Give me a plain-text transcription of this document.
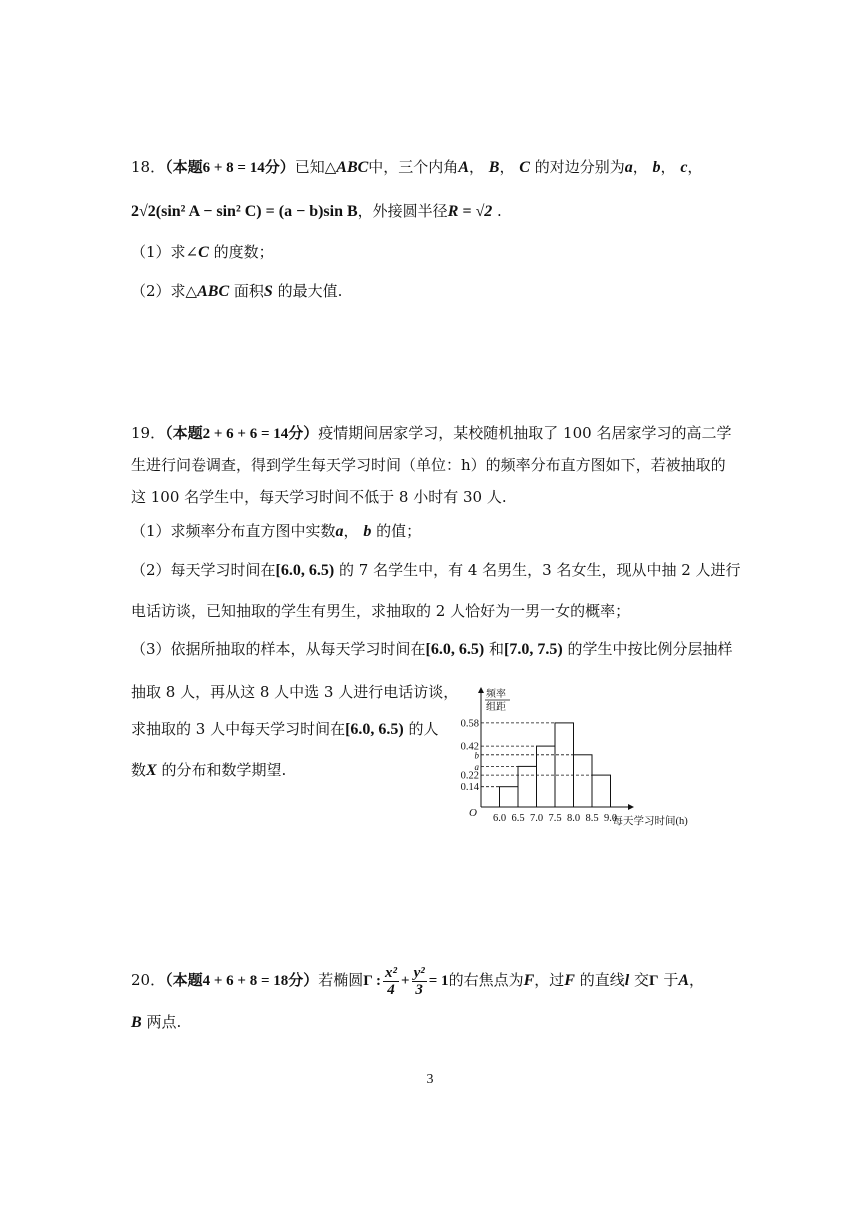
18．（本题6 + 8 = 14分）已知△ABC中，三个内角A， B， C 的对边分别为a， b， c，
2√2(sin² A − sin² C) = (a − b)sin B，外接圆半径R = √2 .
（1）求∠C 的度数；
（2）求△ABC 面积S 的最大值.
19．（本题2 + 6 + 6 = 14分）疫情期间居家学习，某校随机抽取了 100 名居家学习的高二学
生进行问卷调查，得到学生每天学习时间（单位：h）的频率分布直方图如下，若被抽取的
这 100 名学生中，每天学习时间不低于 8 小时有 30 人.
（1）求频率分布直方图中实数a， b 的值；
（2）每天学习时间在[6.0, 6.5) 的 7 名学生中，有 4 名男生，3 名女生，现从中抽 2 人进行
电话访谈，已知抽取的学生有男生，求抽取的 2 人恰好为一男一女的概率；
（3）依据所抽取的样本，从每天学习时间在[6.0, 6.5) 和[7.0, 7.5) 的学生中按比例分层抽样
抽取 8 人，再从这 8 人中选 3 人进行电话访谈，
求抽取的 3 人中每天学习时间在[6.0, 6.5) 的人
数X 的分布和数学期望.
频率
组距
0.58
0.42
b
a
0.22
0.14
6.0 6.5 7.0 7.5 8.0 8.5 9.0
O
每天学习时间(h)
20．（本题4 + 6 + 8 = 18分）若椭圆Γ : $\frac{\text{x²}}{4} + \frac{\text{y²}}{3} = 1$的右焦点为F，过F 的直线l 交Γ 于A，
B 两点.
3
